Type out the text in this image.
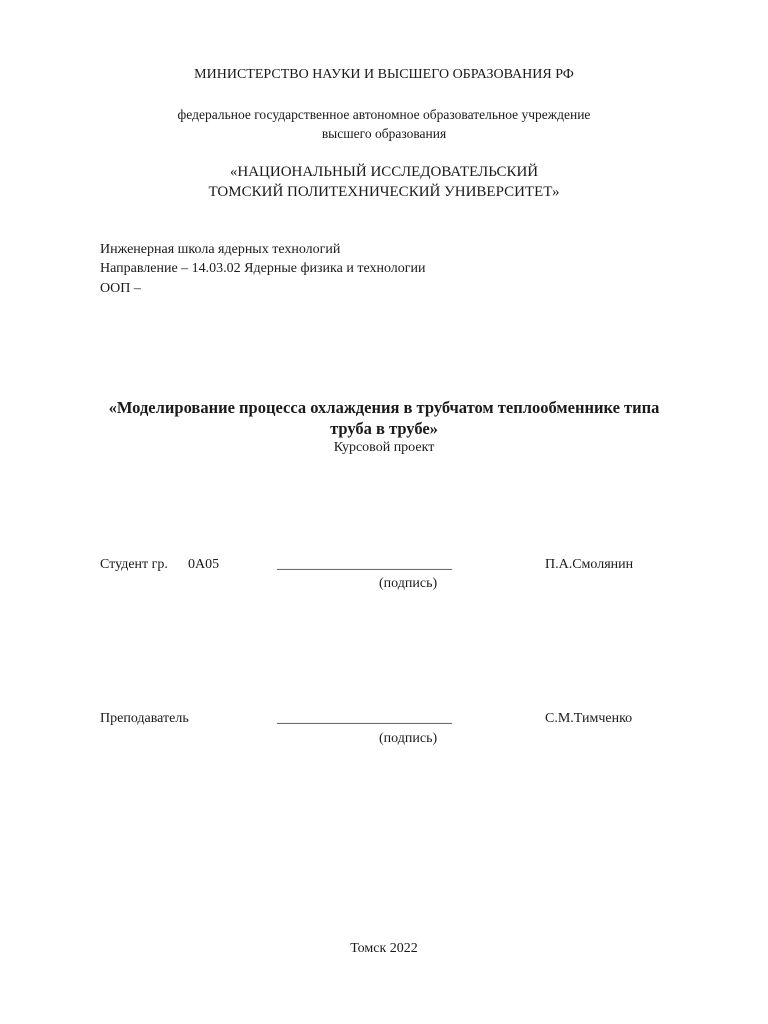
МИНИСТЕРСТВО НАУКИ И ВЫСШЕГО ОБРАЗОВАНИЯ РФ
федеральное государственное автономное образовательное учреждение
высшего образования
«НАЦИОНАЛЬНЫЙ ИССЛЕДОВАТЕЛЬСКИЙ
ТОМСКИЙ ПОЛИТЕХНИЧЕСКИЙ УНИВЕРСИТЕТ»
Инженерная школа ядерных технологий
Направление – 14.03.02 Ядерные физика и технологии
ООП –
«Моделирование процесса охлаждения в трубчатом теплообменнике типа
труба в трубе»
Курсовой проект
Студент гр. 0А05	_________________________	П.А.Смолянин
(подпись)
Преподаватель	_________________________	С.М.Тимченко
(подпись)
Томск 2022
